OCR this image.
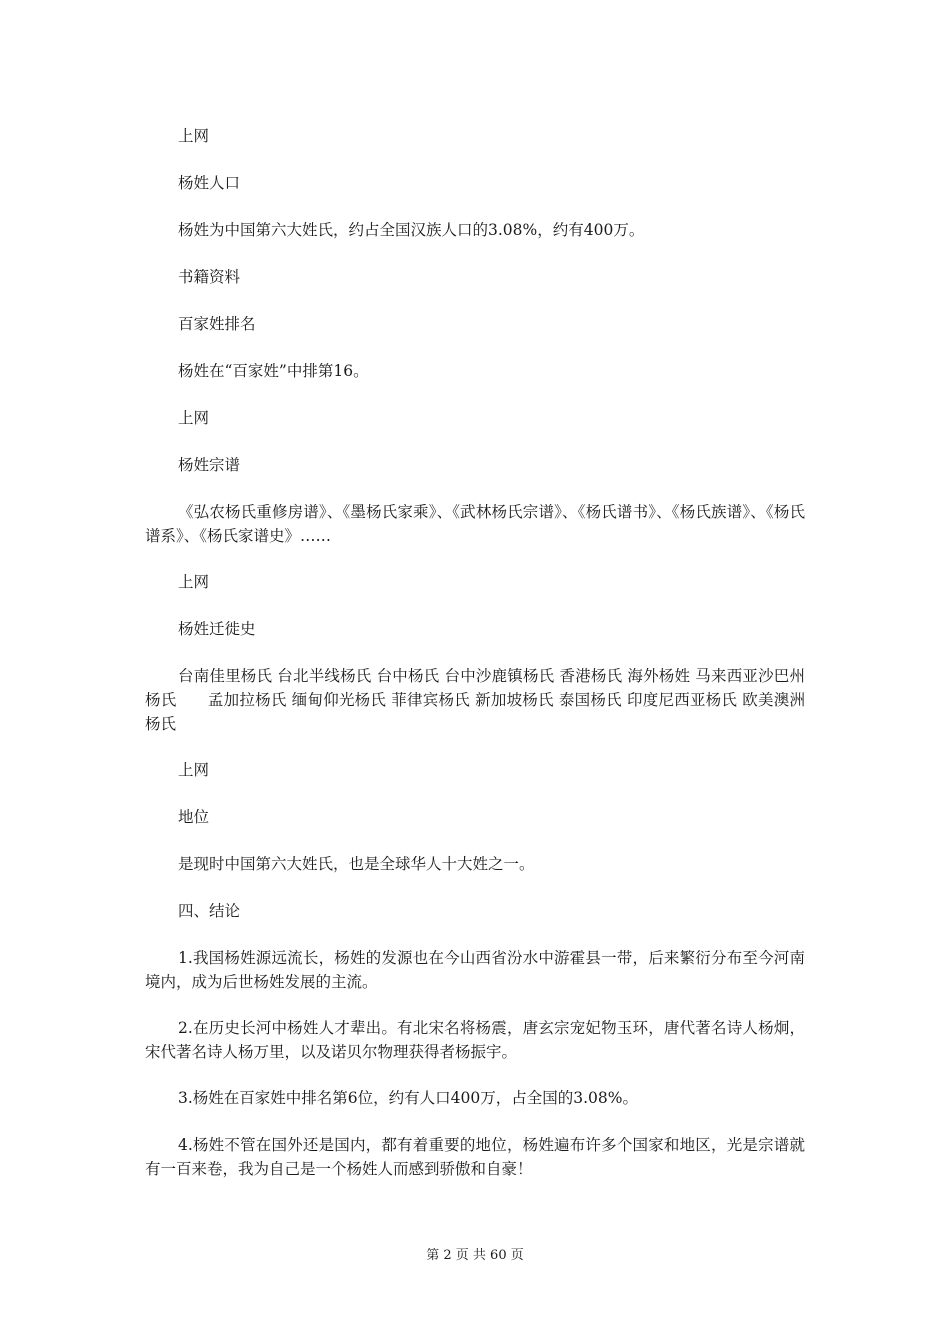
上网

杨姓人口

杨姓为中国第六大姓氏，约占全国汉族人口的3.08%，约有400万。

书籍资料

百家姓排名

杨姓在“百家姓”中排第16。

上网

杨姓宗谱

《弘农杨氏重修房谱》、《墨杨氏家乘》、《武林杨氏宗谱》、《杨氏谱书》、《杨氏族谱》、《杨氏谱系》、《杨氏家谱史》……

上网

杨姓迁徙史

台南佳里杨氏 台北半线杨氏 台中杨氏 台中沙鹿镇杨氏 香港杨氏 海外杨姓 马来西亚沙巴州杨氏　　孟加拉杨氏 缅甸仰光杨氏 菲律宾杨氏 新加坡杨氏 泰国杨氏 印度尼西亚杨氏 欧美澳洲杨氏

上网

地位

是现时中国第六大姓氏，也是全球华人十大姓之一。

四、结论

1.我国杨姓源远流长，杨姓的发源也在今山西省汾水中游霍县一带，后来繁衍分布至今河南境内，成为后世杨姓发展的主流。

2.在历史长河中杨姓人才辈出。有北宋名将杨震，唐玄宗宠妃物玉环，唐代著名诗人杨炯，宋代著名诗人杨万里，以及诺贝尔物理获得者杨振宇。

3.杨姓在百家姓中排名第6位，约有人口400万，占全国的3.08%。

4.杨姓不管在国外还是国内，都有着重要的地位，杨姓遍布许多个国家和地区，光是宗谱就有一百来卷，我为自己是一个杨姓人而感到骄傲和自豪！

第 2 页 共 60 页
